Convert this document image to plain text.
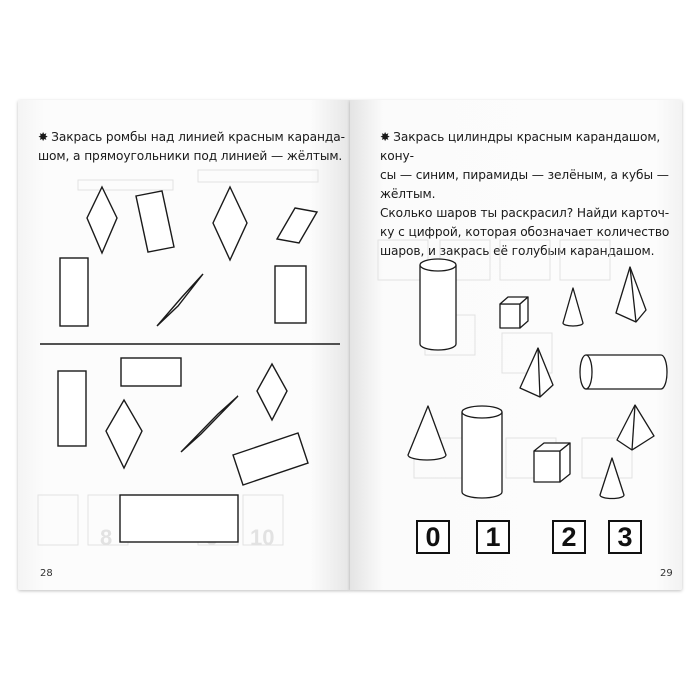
✸ Закрась ромбы над линией красным каранда-
шом, а прямоугольники под линией — жёлтым.
8	10
28
✸ Закрась цилиндры красным карандашом, кону-
сы — синим, пирамиды — зелёным, а кубы —
жёлтым.
Сколько шаров ты раскрасил? Найди карточ-
ку с цифрой, которая обозначает количество
шаров, и закрась её голубым карандашом.
0	1	2	3
29
